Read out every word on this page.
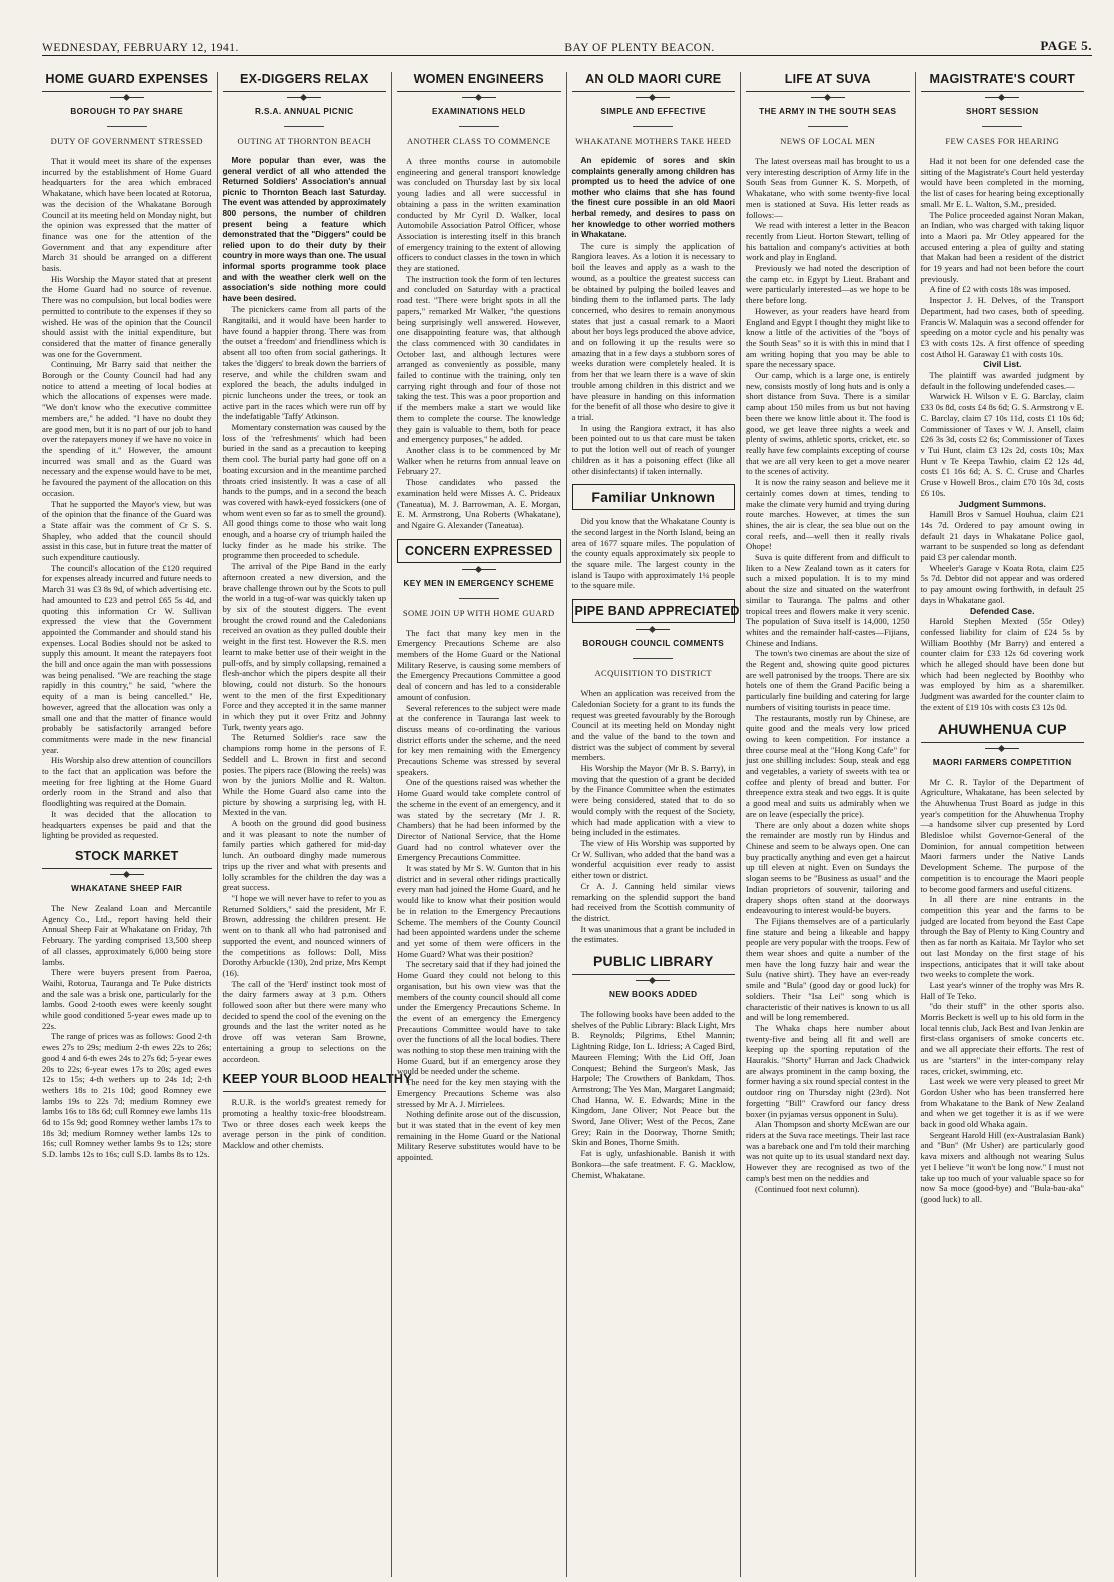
WEDNESDAY, FEBRUARY 12, 1941.	BAY OF PLENTY BEACON.	PAGE 5.
HOME GUARD EXPENSES
BOROUGH TO PAY SHARE
DUTY OF GOVERNMENT STRESSED

That it would meet its share of the expenses incurred by the establishment of Home Guard headquarters for the area which embraced Whakatane, which have been located at Rotorua, was the decision of the Whakatane Borough Council at its meeting held on Monday night, but the opinion was expressed that the matter of finance was one for the attention of the Government and that any expenditure after March 31 should be arranged on a different basis.

His Worship the Mayor stated that at present the Home Guard had no source of revenue. There was no compulsion, but local bodies were permitted to contribute to the expenses if they so wished. He was of the opinion that the Council should assist with the initial expenditure, but considered that the matter of finance generally was one for the Government.

Continuing, Mr Barry said that neither the Borough or the County Council had had any notice to attend a meeting of local bodies at which the allocations of expenses were made. "We don't know who the executive committee members are," he added. "I have no doubt they are good men, but it is no part of our job to hand over the ratepayers money if we have no voice in the spending of it." However, the amount incurred was small and as the Guard was necessary and the expense would have to be met, he favoured the payment of the allocation on this occasion.

That he supported the Mayor's view, but was of the opinion that the finance of the Guard was a State affair was the comment of Cr S. S. Shapley, who added that the council should assist in this case, but in future treat the matter of such expenditure cautiously.

The council's allocation of the £120 required for expenses already incurred and future needs to March 31 was £3 8s 9d, of which advertising etc. had amounted to £23 and petrol £65 5s 4d, and quoting this information Cr W. Sullivan expressed the view that the Government appointed the Commander and should stand his expenses. Local Bodies should not be asked to supply this amount. It meant the ratepayers foot the bill and once again the man with possessions was being penalised. "We are reaching the stage rapidly in this country," he said, "where the equity of a man is being cancelled." He, however, agreed that the allocation was only a small one and that the matter of finance would probably be satisfactorily arranged before commitments were made in the new financial year.

His Worship also drew attention of councillors to the fact that an application was before the meeting for free lighting at the Home Guard orderly room in the Strand and also that floodlighting was required at the Domain.

It was decided that the allocation to headquarters expenses be paid and that the lighting be provided as requested.

STOCK MARKET
WHAKATANE SHEEP FAIR

The New Zealand Loan and Mercantile Agency Co., Ltd., report having held their Annual Sheep Fair at Whakatane on Friday, 7th February. The yarding comprised 13,500 sheep of all classes, approximately 6,000 being store lambs.

There were buyers present from Paeroa, Waihi, Rotorua, Tauranga and Te Puke districts and the sale was a brisk one, particularly for the lambs. Good 2-tooth ewes were keenly sought while good conditioned 5-year ewes made up to 22s.

The range of prices was as follows: Good 2-th ewes 27s to 29s; medium 2-th ewes 22s to 26s; good 4 and 6-th ewes 24s to 27s 6d; 5-year ewes 20s to 22s; 6-year ewes 17s to 20s; aged ewes 12s to 15s; 4-th wethers up to 24s 1d; 2-th wethers 18s to 21s 10d; good Romney ewe lambs 19s to 22s 7d; medium Romney ewe lambs 16s to 18s 6d; cull Romney ewe lambs 11s 6d to 15s 9d; good Romney wether lambs 17s to 18s 3d; medium Romney wether lambs 12s to 16s; cull Romney wether lambs 9s to 12s; store S.D. lambs 12s to 16s; cull S.D. lambs 8s to 12s.

EX-DIGGERS RELAX
R.S.A. ANNUAL PICNIC
OUTING AT THORNTON BEACH

More popular than ever, was the general verdict of all who attended the Returned Soldiers' Association's annual picnic to Thornton Beach last Saturday. The event was attended by approximately 800 persons, the number of children present being a feature which demonstrated that the "Diggers" could be relied upon to do their duty by their country in more ways than one. The usual informal sports programme took place and with the weather clerk well on the association's side nothing more could have been desired.

The picnickers came from all parts of the Rangitaiki, and it would have been harder to have found a happier throng. There was from the outset a 'freedom' and friendliness which is absent all too often from social gatherings. It takes the 'diggers' to break down the barriers of reserve, and while the children swam and explored the beach, the adults indulged in picnic luncheons under the trees, or took an active part in the races which were run off by the indefatigable 'Taffy' Atkinson.

Momentary consternation was caused by the loss of the 'refreshments' which had been buried in the sand as a precaution to keeping them cool. The burial party had gone off on a boating excursion and in the meantime parched throats cried insistently. It was a case of all hands to the pumps, and in a second the beach was covered with hawk-eyed fossickers (one of whom went even so far as to smell the ground). All good things come to those who wait long enough, and a hoarse cry of triumph hailed the lucky finder as he made his strike. The programme then proceeded to schedule.

The arrival of the Pipe Band in the early afternoon created a new diversion, and the brave challenge thrown out by the Scots to pull the world in a tug-of-war was quickly taken up by six of the stoutest diggers. The event brought the crowd round and the Caledonians received an ovation as they pulled double their weight in the first test. However the R.S. men learnt to make better use of their weight in the pull-offs, and by simply collapsing, remained a flesh-anchor which the pipers despite all their blowing, could not disturb. So the honours went to the men of the first Expeditionary Force and they accepted it in the same manner in which they put it over Fritz and Johnny Turk, twenty years ago.

The Returned Soldier's race saw the champions romp home in the persons of F. Seddell and L. Brown in first and second posies. The pipers race (Blowing the reels) was won by the juniors Mollie and R. Walton. While the Home Guard also came into the picture by showing a surprising leg, with H. Mexted in the van.

A booth on the ground did good business and it was pleasant to note the number of family parties which gathered for mid-day lunch. An outboard dinghy made numerous trips up the river and what with presents and lolly scrambles for the children the day was a great success.

"I hope we will never have to refer to you as Returned Soldiers," said the president, Mr F. Brown, addressing the children present. He went on to thank all who had patronised and supported the event, and nounced winners of the competitions as follows: Doll, Miss Dorothy Arbuckle (130), 2nd prize, Mrs Kempt (16).

The call of the 'Herd' instinct took most of the dairy farmers away at 3 p.m. Others followed soon after but there were many who decided to spend the cool of the evening on the grounds and the last the writer noted as he drove off was veteran Sam Browne, entertaining a group to selections on the accordeon.

KEEP YOUR BLOOD HEALTHY

R.U.R. is the world's greatest remedy for promoting a healthy toxic-free bloodstream. Two or three doses each week keeps the average person in the pink of condition. Macklow and other chemists.

WOMEN ENGINEERS
EXAMINATIONS HELD
ANOTHER CLASS TO COMMENCE

A three months course in automobile engineering and general transport knowledge was concluded on Thursday last by six local young ladies and all were successful in obtaining a pass in the written examination conducted by Mr Cyril D. Walker, local Automobile Association Patrol Officer, whose Association is interesting itself in this branch of emergency training to the extent of allowing officers to conduct classes in the town in which they are stationed.

The instruction took the form of ten lectures and concluded on Saturday with a practical road test. "There were bright spots in all the papers," remarked Mr Walker, "the questions being surprisingly well answered. However, one disappointing feature was, that although the class commenced with 30 candidates in October last, and although lectures were arranged as conveniently as possible, many failed to continue with the training, only ten carrying right through and four of those not taking the test. This was a poor proportion and if the members make a start we would like them to complete the course. The knowledge they gain is valuable to them, both for peace and emergency purposes," he added.

Another class is to be commenced by Mr Walker when he returns from annual leave on February 27.

Those candidates who passed the examination held were Misses A. C. Prideaux (Taneatua), M. J. Barrowman, A. E. Morgan, E. M. Armstrong, Una Roberts (Whakatane), and Ngaire G. Alexander (Taneatua).

CONCERN EXPRESSED
KEY MEN IN EMERGENCY SCHEME
SOME JOIN UP WITH HOME GUARD

The fact that many key men in the Emergency Precautions Scheme are also members of the Home Guard or the National Military Reserve, is causing some members of the Emergency Precautions Committee a good deal of concern and has led to a considerable amount of confusion.

Several references to the subject were made at the conference in Tauranga last week to discuss means of co-ordinating the various district efforts under the scheme, and the need for key men remaining with the Emergency Precautions Scheme was stressed by several speakers.

One of the questions raised was whether the Home Guard would take complete control of the scheme in the event of an emergency, and it was stated by the secretary (Mr J. R. Chambers) that he had been informed by the Director of National Service, that the Home Guard had no control whatever over the Emergency Precautions Committee.

It was stated by Mr S. W. Gunton that in his district and in several other ridings practically every man had joined the Home Guard, and he would like to know what their position would be in relation to the Emergency Precautions Scheme. The members of the County Council had been appointed wardens under the scheme and yet some of them were officers in the Home Guard? What was their position?

The secretary said that if they had joined the Home Guard they could not belong to this organisation, but his own view was that the members of the county council should all come under the Emergency Precautions Scheme. In the event of an emergency the Emergency Precautions Committee would have to take over the functions of all the local bodies. There was nothing to stop these men training with the Home Guard, but if an emergency arose they would be needed under the scheme.

The need for the key men staying with the Emergency Precautions Scheme was also stressed by Mr A. J. Mirrielees.

Nothing definite arose out of the discussion, but it was stated that in the event of key men remaining in the Home Guard or the National Military Reserve substitutes would have to be appointed.

AN OLD MAORI CURE
SIMPLE AND EFFECTIVE
WHAKATANE MOTHERS TAKE HEED

An epidemic of sores and skin complaints generally among children has prompted us to heed the advice of one mother who claims that she has found the finest cure possible in an old Maori herbal remedy, and desires to pass on her knowledge to other worried mothers in Whakatane.

The cure is simply the application of Rangiora leaves. As a lotion it is necessary to boil the leaves and apply as a wash to the wound, as a poultice the greatest success can be obtained by pulping the boiled leaves and binding them to the inflamed parts. The lady concerned, who desires to remain anonymous states that just a casual remark to a Maori about her boys legs produced the above advice, and on following it up the results were so amazing that in a few days a stubborn sores of weeks duration were completely healed. It is from her that we learn there is a wave of skin trouble among children in this district and we have pleasure in handing on this information for the benefit of all those who desire to give it a trial.

In using the Rangiora extract, it has also been pointed out to us that care must be taken to put the lotion well out of reach of younger children as it has a poisoning effect (like all other disinfectants) if taken internally.

Familiar Unknown

Did you know that the Whakatane County is the second largest in the North Island, being an area of 1677 square miles. The population of the county equals approximately six people to the square mile. The largest county in the island is Taupo with approximately 1¼ people to the square mile.

PIPE BAND APPRECIATED
BOROUGH COUNCIL COMMENTS
ACQUISITION TO DISTRICT

When an application was received from the Caledonian Society for a grant to its funds the request was greeted favourably by the Borough Council at its meeting held on Monday night and the value of the band to the town and district was the subject of comment by several members.

His Worship the Mayor (Mr B. S. Barry), in moving that the question of a grant be decided by the Finance Committee when the estimates were being considered, stated that to do so would comply with the request of the Society, which had made application with a view to being included in the estimates.

The view of His Worship was supported by Cr W. Sullivan, who added that the band was a wonderful acquisition ever ready to assist either town or district.

Cr A. J. Canning held similar views remarking on the splendid support the band had received from the Scottish community of the district.

It was unanimous that a grant be included in the estimates.

PUBLIC LIBRARY
NEW BOOKS ADDED

The following books have been added to the shelves of the Public Library: Black Light, Mrs B. Reynolds; Pilgrims, Ethel Mannin; Lightning Ridge, Ion L. Idriess; A Caged Bird, Maureen Fleming; With the Lid Off, Joan Conquest; Behind the Surgeon's Mask, Jas Harpole; The Crowthers of Bankdam, Thos. Armstrong; The Yes Man, Margaret Langmaid; Chad Hanna, W. E. Edwards; Mine in the Kingdom, Jane Oliver; Not Peace but the Sword, Jane Oliver; West of the Pecos, Zane Grey; Rain in the Doorway, Thorne Smith; Skin and Bones, Thorne Smith.

Fat is ugly, unfashionable. Banish it with Bonkora—the safe treatment. F. G. Macklow, Chemist, Whakatane.

LIFE AT SUVA
THE ARMY IN THE SOUTH SEAS
NEWS OF LOCAL MEN

The latest overseas mail has brought to us a very interesting description of Army life in the South Seas from Gunner K. S. Morpeth, of Whakatane, who with some twenty-five local men is stationed at Suva. His letter reads as follows:—

We read with interest a letter in the Beacon recently from Lieut. Horton Stewart, telling of his battalion and company's activities at both work and play in England.

Previously we had noted the description of the camp etc. in Egypt by Lieut. Brabant and were particularly interested—as we hope to be there before long.

However, as your readers have heard from England and Egypt I thought they might like to know a little of the activities of the "boys of the South Seas" so it is with this in mind that I am writing hoping that you may be able to spare the necessary space.

Our camp, which is a large one, is entirely new, consists mostly of long huts and is only a short distance from Suva. There is a similar camp about 150 miles from us but not having been there we know little about it. The food is good, we get leave three nights a week and plenty of swims, athletic sports, cricket, etc. so really have few complaints excepting of course that we are all very keen to get a move nearer to the scenes of activity.

It is now the rainy season and believe me it certainly comes down at times, tending to make the climate very humid and trying during route marches. However, at times the sun shines, the air is clear, the sea blue out on the coral reefs, and—well then it really rivals Ohope!

Suva is quite different from and difficult to liken to a New Zealand town as it caters for such a mixed population. It is to my mind about the size and situated on the waterfront similar to Tauranga. The palms and other tropical trees and flowers make it very scenic. The population of Suva itself is 14,000, 1250 whites and the remainder half-castes—Fijians, Chinese and Indians.

The town's two cinemas are about the size of the Regent and, showing quite good pictures are well patronised by the troops. There are six hotels one of them the Grand Pacific being a particularly fine building and catering for large numbers of visiting tourists in peace time.

The restaurants, mostly run by Chinese, are quite good and the meals very low priced owing to keen competition. For instance a three course meal at the "Hong Kong Cafe" for just one shilling includes: Soup, steak and egg and vegetables, a variety of sweets with tea or coffee and plenty of bread and butter. For threepence extra steak and two eggs. It is quite a good meal and suits us admirably when we are on leave (especially the price).

There are only about a dozen white shops the remainder are mostly run by Hindus and Chinese and seem to be always open. One can buy practically anything and even get a haircut up till eleven at night. Even on Sundays the slogan seems to be "Business as usual" and the Indian proprietors of souvenir, tailoring and drapery shops often stand at the doorways endeavouring to interest would-be buyers.

The Fijians themselves are of a particularly fine stature and being a likeable and happy people are very popular with the troops. Few of them wear shoes and quite a number of the men have the long fuzzy hair and wear the Sulu (native shirt). They have an ever-ready smile and "Bula" (good day or good luck) for soldiers. Their "Isa Lei" song which is characteristic of their natives is known to us all and will be long remembered.

The Whaka chaps here number about twenty-five and being all fit and well are keeping up the sporting reputation of the Haurakis. "Shorty" Hurran and Jack Chadwick are always prominent in the camp boxing, the former having a six round special contest in the outdoor ring on Thursday night (23rd). Not forgetting "Bill" Crawford our fancy dress boxer (in pyjamas versus opponent in Sulu).

Alan Thompson and shorty McEwan are our riders at the Suva race meetings. Their last race was a bareback one and I'm told their marching was not quite up to its usual standard next day. However they are recognised as two of the camp's best men on the neddies and

(Continued foot next column).

MAGISTRATE'S COURT
SHORT SESSION
FEW CASES FOR HEARING

Had it not been for one defended case the sitting of the Magistrate's Court held yesterday would have been completed in the morning, the list of cases for hearing being exceptionally small. Mr E. L. Walton, S.M., presided.

The Police proceeded against Noran Makan, an Indian, who was charged with taking liquor into a Maori pa. Mr Otley appeared for the accused entering a plea of guilty and stating that Makan had been a resident of the district for 19 years and had not been before the court previously.

A fine of £2 with costs 18s was imposed.

Inspector J. H. Delves, of the Transport Department, had two cases, both of speeding. Francis W. Malaquin was a second offender for speeding on a motor cycle and his penalty was £3 with costs 12s. A first offence of speeding cost Athol H. Garaway £1 with costs 10s.

Civil List.

The plaintiff was awarded judgment by default in the following undefended cases.—

Warwick H. Wilson v E. G. Barclay, claim £33 0s 8d, costs £4 8s 6d; G. S. Armstrong v E. C. Barclay, claim £7 10s 11d, costs £1 10s 6d; Commissioner of Taxes v W. J. Ansell, claim £26 3s 3d, costs £2 6s; Commissioner of Taxes v Tui Hunt, claim £3 12s 2d, costs 10s; Max Hunt v Te Keepa Tawhio, claim £2 12s 4d, costs £1 16s 6d; A. S. C. Cruse and Charles Cruse v Howell Bros., claim £70 10s 3d, costs £6 10s.

Judgment Summons.

Hamill Bros v Samuel Houhua, claim £21 14s 7d. Ordered to pay amount owing in default 21 days in Whakatane Police gaol, warrant to be suspended so long as defendant paid £3 per calendar month.

Wheeler's Garage v Koata Rota, claim £25 5s 7d. Debtor did not appear and was ordered to pay amount owing forthwith, in default 25 days in Whakatane gaol.

Defended Case.

Harold Stephen Mexted (55r Otley) confessed liability for claim of £24 5s by William Boothby (Mr Barry) and entered a counter claim for £33 12s 6d covering work which he alleged should have been done but which had been neglected by Boothby who was employed by him as a sharemilker. Judgment was awarded for the counter claim to the extent of £19 10s with costs £3 12s 0d.

AHUWHENUA CUP
MAORI FARMERS COMPETITION

Mr C. R. Taylor of the Department of Agriculture, Whakatane, has been selected by the Ahuwhenua Trust Board as judge in this year's competition for the Ahuwhenua Trophy—a handsome silver cup presented by Lord Bledisloe whilst Governor-General of the Dominion, for annual competition between Maori farmers under the Native Lands Development Scheme. The purpose of the competition is to encourage the Maori people to become good farmers and useful citizens.

In all there are nine entrants in the competition this year and the farms to be judged are located from beyond the East Cape through the Bay of Plenty to King Country and then as far north as Kaitaia. Mr Taylor who set out last Monday on the first stage of his inspections, anticipates that it will take about two weeks to complete the work.

Last year's winner of the trophy was Mrs R. Hall of Te Teko.

"do their stuff" in the other sports also. Morris Beckett is well up to his old form in the local tennis club, Jack Best and Ivan Jenkin are first-class organisers of smoke concerts etc. and we all appreciate their efforts. The rest of us are "starters" in the inter-company relay races, cricket, swimming, etc.

Last week we were very pleased to greet Mr Gordon Usher who has been transferred here from Whakatane to the Bank of New Zealand and when we get together it is as if we were back in good old Whaka again.

Sergeant Harold Hill (ex-Australasian Bank) and "Bun" (Mr Usher) are particularly good kava mixers and although not wearing Sulus yet I believe "it won't be long now." I must not take up too much of your valuable space so for now Sa moce (good-bye) and "Bula-bau-aka" (good luck) to all.
